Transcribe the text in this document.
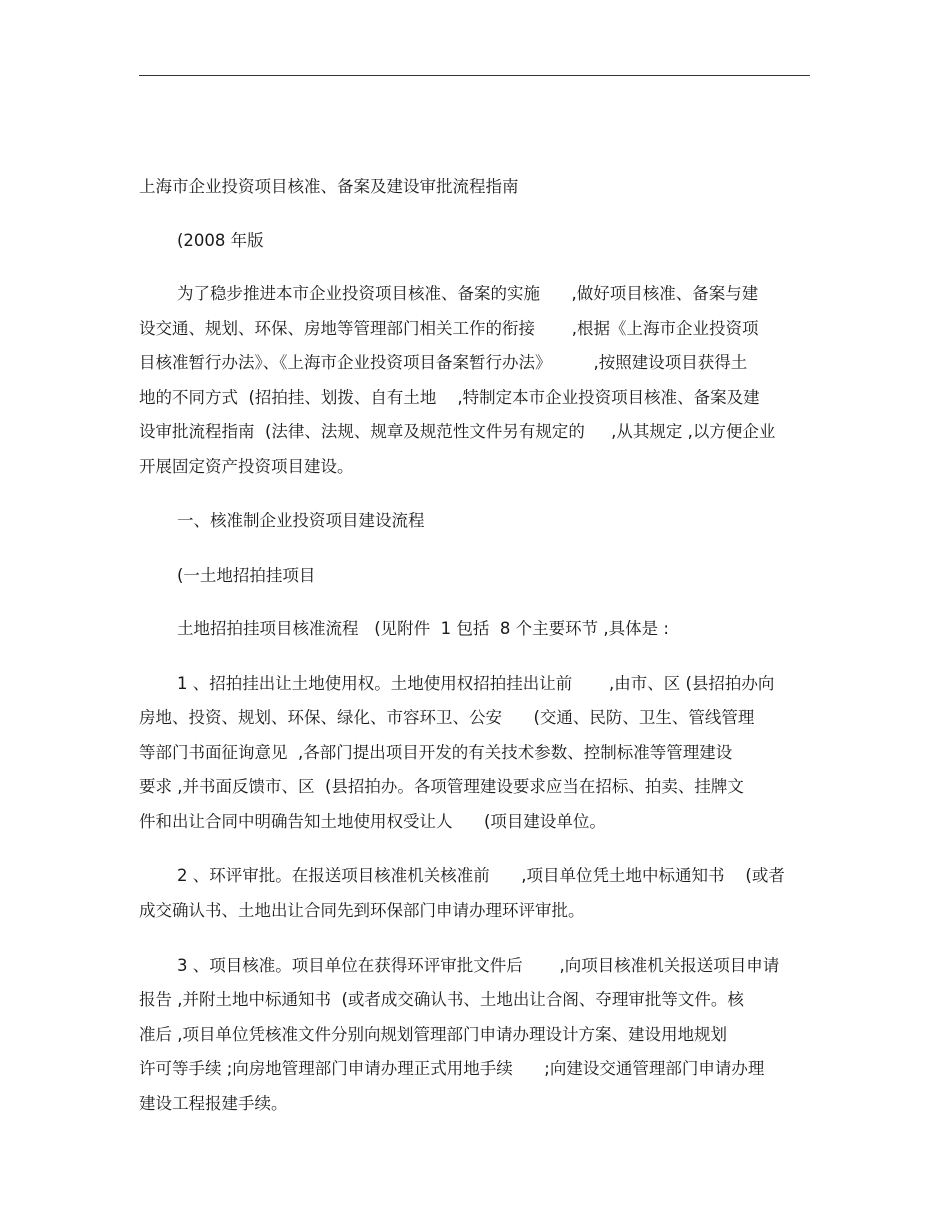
上海市企业投资项目核准、备案及建设审批流程指南
(2008 年版
为了稳步推进本市企业投资项目核准、备案的实施      ,做好项目核准、备案与建
设交通、规划、环保、房地等管理部门相关工作的衔接       ,根据《上海市企业投资项
目核准暂行办法》、《上海市企业投资项目备案暂行办法》        ,按照建设项目获得土
地的不同方式  (招拍挂、划拨、自有土地    ,特制定本市企业投资项目核准、备案及建
设审批流程指南  (法律、法规、规章及规范性文件另有规定的     ,从其规定 ,以方便企业
开展固定资产投资项目建设。
一、核准制企业投资项目建设流程
(一土地招拍挂项目
土地招拍挂项目核准流程   (见附件  1 包括  8 个主要环节 ,具体是 :
1 、招拍挂出让土地使用权。土地使用权招拍挂出让前       ,由市、区 (县招拍办向
房地、投资、规划、环保、绿化、市容环卫、公安      (交通、民防、卫生、管线管理
等部门书面征询意见  ,各部门提出项目开发的有关技术参数、控制标准等管理建设
要求 ,并书面反馈市、区  (县招拍办。各项管理建设要求应当在招标、拍卖、挂牌文
件和出让合同中明确告知土地使用权受让人      (项目建设单位。
2 、环评审批。在报送项目核准机关核准前      ,项目单位凭土地中标通知书    (或者
成交确认书、土地出让合同先到环保部门申请办理环评审批。
3 、项目核准。项目单位在获得环评审批文件后       ,向项目核准机关报送项目申请
报告 ,并附土地中标通知书  (或者成交确认书、土地出让合阁、夺理审批等文件。核
准后 ,项目单位凭核准文件分别向规划管理部门申请办理设计方案、建设用地规划
许可等手续 ;向房地管理部门申请办理正式用地手续      ;向建设交通管理部门申请办理
建设工程报建手续。
